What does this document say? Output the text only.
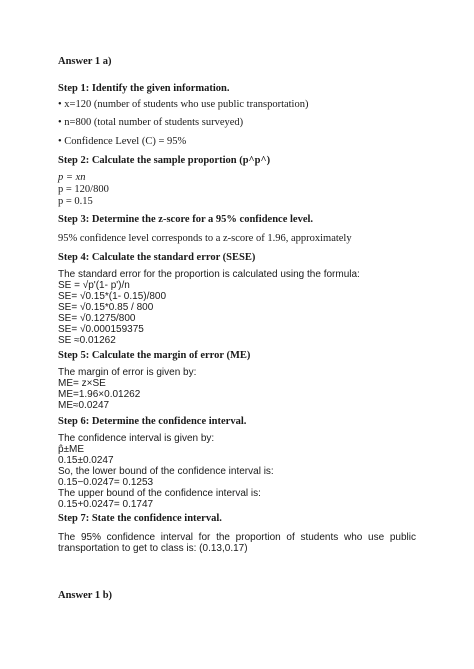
Answer 1 a)

Step 1: Identify the given information.

• x=120 (number of students who use public transportation)

• n=800 (total number of students surveyed)

• Confidence Level (C) = 95%

Step 2: Calculate the sample proportion (p^p^)

p = xn

p = 120/800

p = 0.15

Step 3: Determine the z-score for a 95% confidence level.

95% confidence level corresponds to a z-score of 1.96, approximately

Step 4: Calculate the standard error (SESE)

The standard error for the proportion is calculated using the formula:

SE = √p'(1- p')/n

SE= √0.15*(1- 0.15)/800

SE= √0.15*0.85 / 800

SE= √0.1275/800

SE= √0.000159375

SE ≈0.01262

Step 5: Calculate the margin of error (ME)

The margin of error is given by:

ME= z×SE

ME=1.96×0.01262

ME≈0.0247

Step 6: Determine the confidence interval.

The confidence interval is given by:

p̂±ME

0.15±0.0247

So, the lower bound of the confidence interval is:

0.15−0.0247= 0.1253

The upper bound of the confidence interval is:

0.15+0.0247= 0.1747

Step 7: State the confidence interval.

The 95% confidence interval for the proportion of students who use public transportation to get to class is: (0.13,0.17)

Answer 1 b)
